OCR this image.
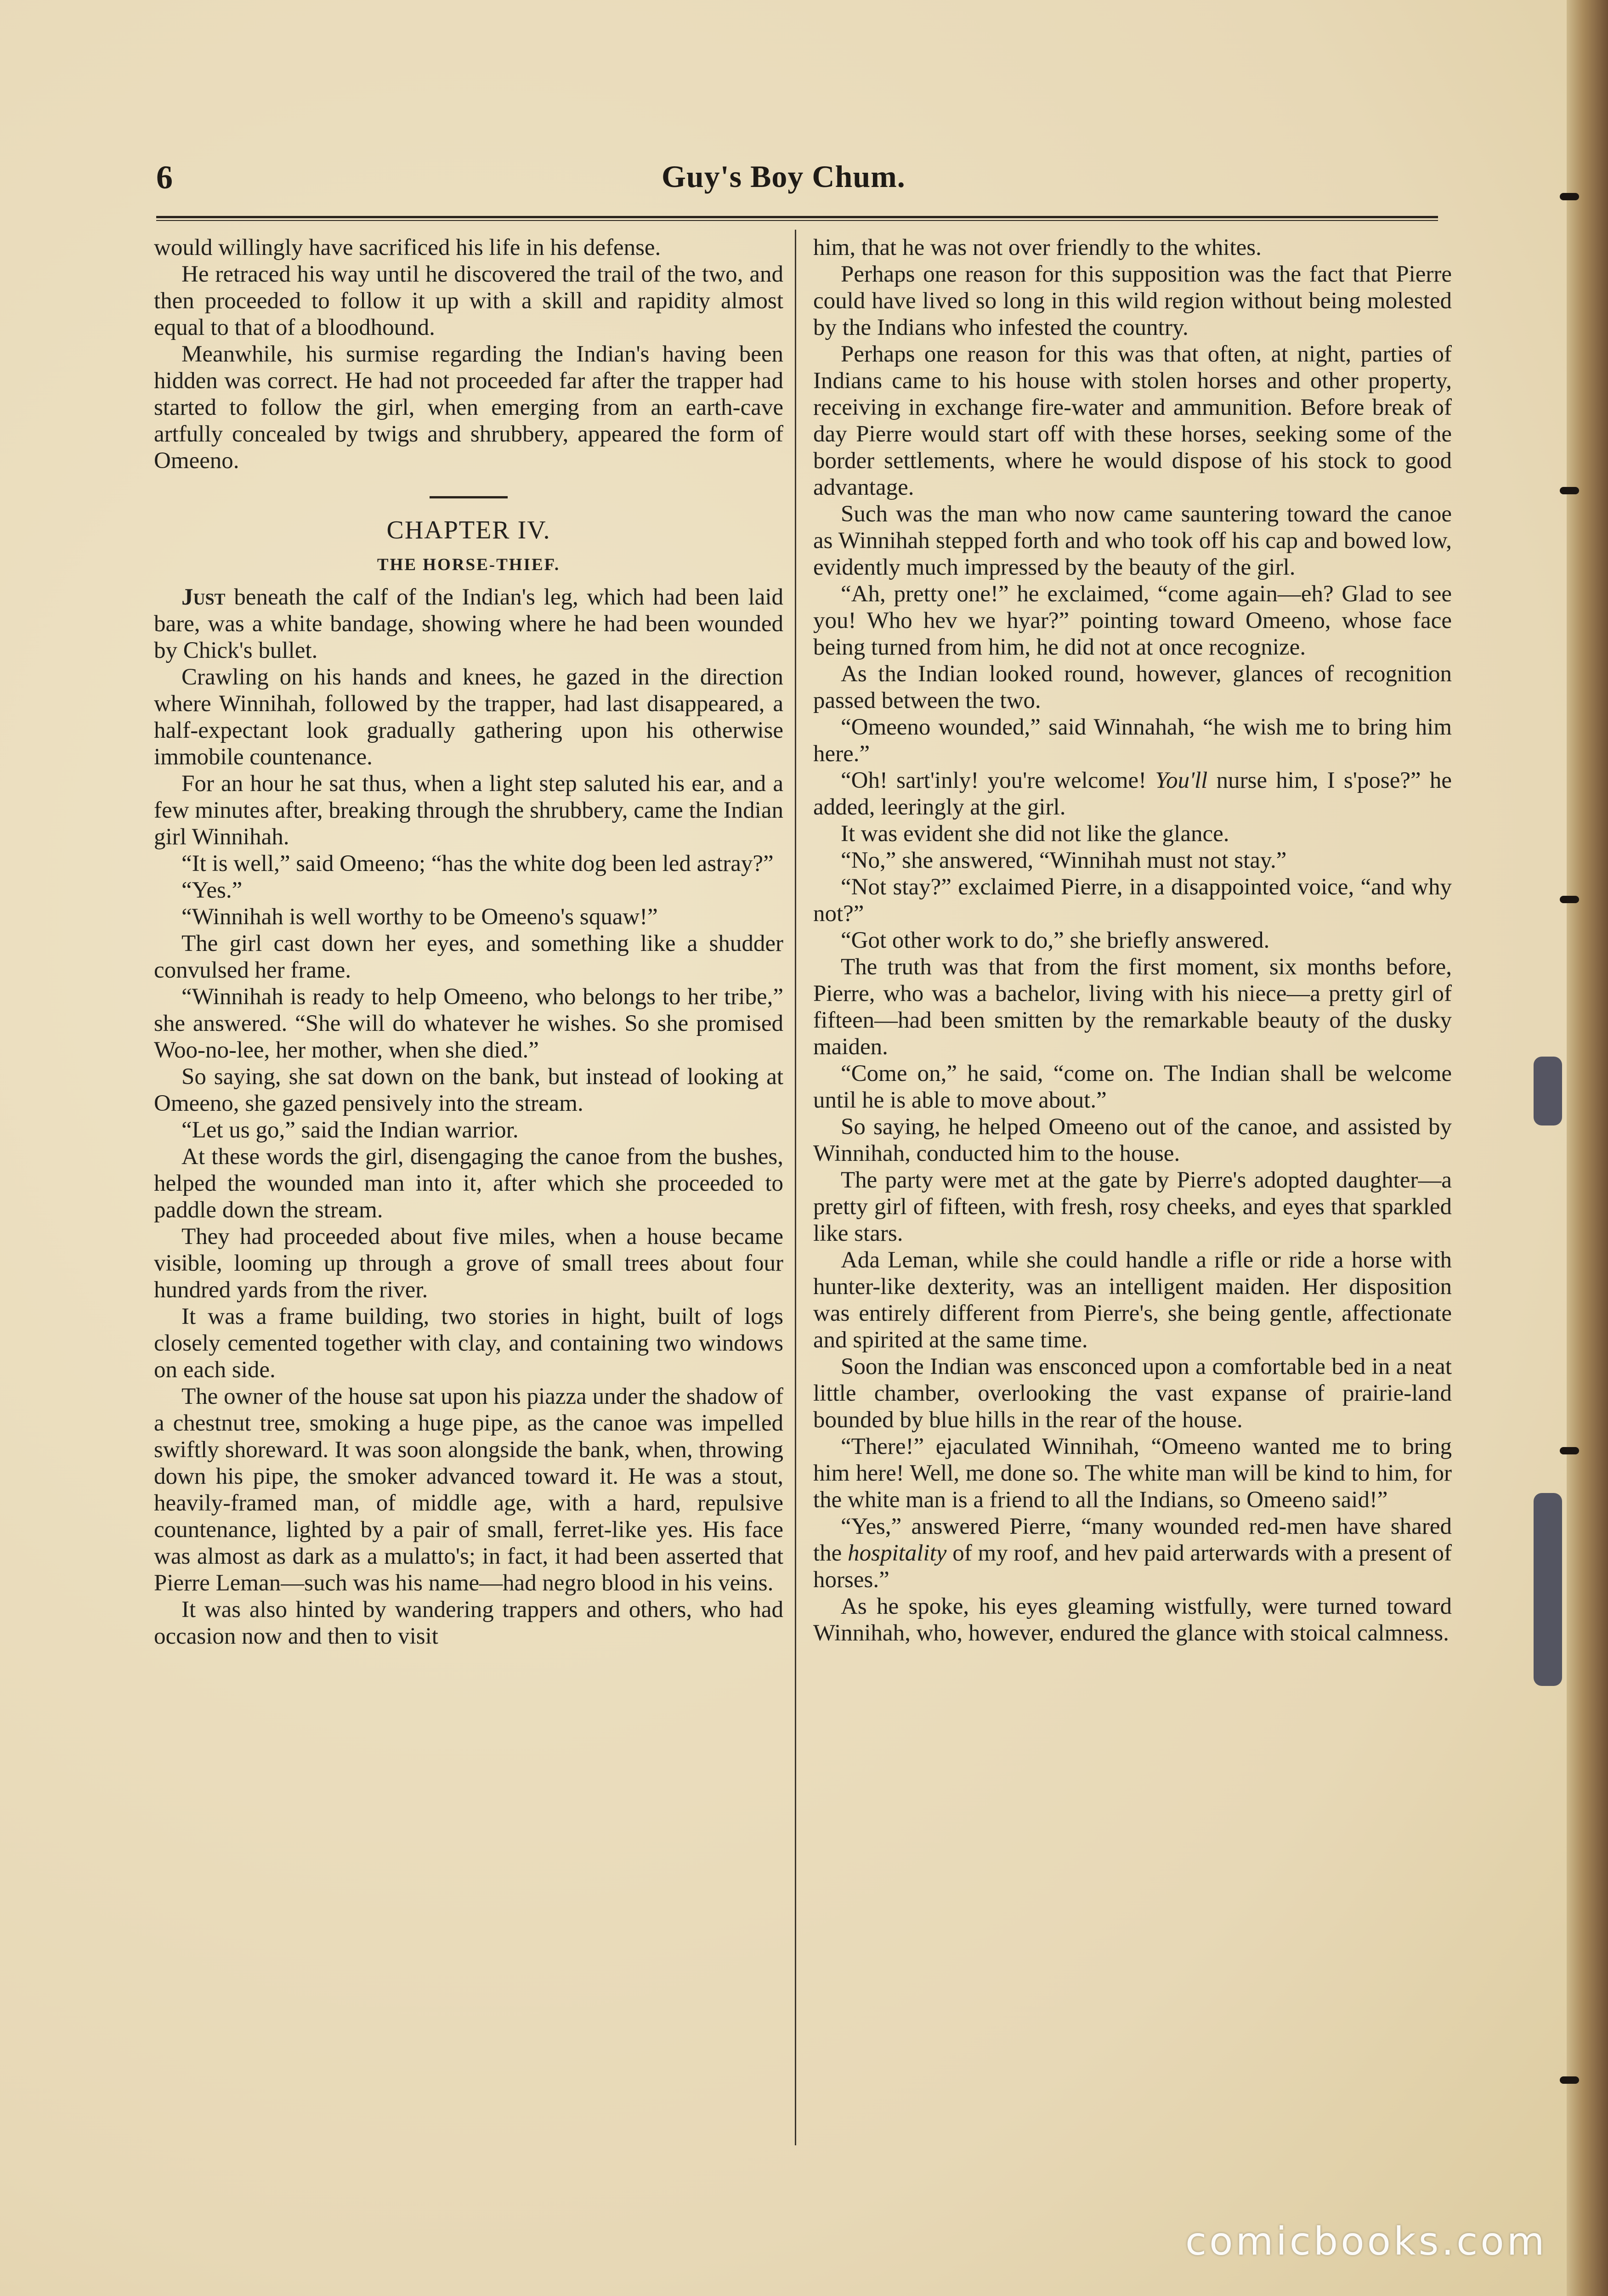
6	Guy's Boy Chum.

would willingly have sacrificed his life in his defense.

He retraced his way until he discovered the trail of the two, and then proceeded to follow it up with a skill and rapidity almost equal to that of a bloodhound.

Meanwhile, his surmise regarding the Indian's having been hidden was correct. He had not proceeded far after the trapper had started to follow the girl, when emerging from an earth-cave artfully concealed by twigs and shrubbery, appeared the form of Omeeno.

CHAPTER IV.
THE HORSE-THIEF.

Just beneath the calf of the Indian's leg, which had been laid bare, was a white bandage, showing where he had been wounded by Chick's bullet.

Crawling on his hands and knees, he gazed in the direction where Winnihah, followed by the trapper, had last disappeared, a half-expectant look gradually gathering upon his otherwise immobile countenance.

For an hour he sat thus, when a light step saluted his ear, and a few minutes after, breaking through the shrubbery, came the Indian girl Winnihah.

“It is well,” said Omeeno; “has the white dog been led astray?”

“Yes.”

“Winnihah is well worthy to be Omeeno's squaw!”

The girl cast down her eyes, and something like a shudder convulsed her frame.

“Winnihah is ready to help Omeeno, who belongs to her tribe,” she answered. “She will do whatever he wishes. So she promised Woo-no-lee, her mother, when she died.”

So saying, she sat down on the bank, but instead of looking at Omeeno, she gazed pensively into the stream.

“Let us go,” said the Indian warrior.

At these words the girl, disengaging the canoe from the bushes, helped the wounded man into it, after which she proceeded to paddle down the stream.

They had proceeded about five miles, when a house became visible, looming up through a grove of small trees about four hundred yards from the river.

It was a frame building, two stories in hight, built of logs closely cemented together with clay, and containing two windows on each side.

The owner of the house sat upon his piazza under the shadow of a chestnut tree, smoking a huge pipe, as the canoe was impelled swiftly shoreward. It was soon alongside the bank, when, throwing down his pipe, the smoker advanced toward it. He was a stout, heavily-framed man, of middle age, with a hard, repulsive countenance, lighted by a pair of small, ferret-like yes. His face was almost as dark as a mulatto's; in fact, it had been asserted that Pierre Leman—such was his name—had negro blood in his veins.

It was also hinted by wandering trappers and others, who had occasion now and then to visit

him, that he was not over friendly to the whites.

Perhaps one reason for this supposition was the fact that Pierre could have lived so long in this wild region without being molested by the Indians who infested the country.

Perhaps one reason for this was that often, at night, parties of Indians came to his house with stolen horses and other property, receiving in exchange fire-water and ammunition. Before break of day Pierre would start off with these horses, seeking some of the border settlements, where he would dispose of his stock to good advantage.

Such was the man who now came sauntering toward the canoe as Winnihah stepped forth and who took off his cap and bowed low, evidently much impressed by the beauty of the girl.

“Ah, pretty one!” he exclaimed, “come again—eh? Glad to see you! Who hev we hyar?” pointing toward Omeeno, whose face being turned from him, he did not at once recognize.

As the Indian looked round, however, glances of recognition passed between the two.

“Omeeno wounded,” said Winnahah, “he wish me to bring him here.”

“Oh! sart'inly! you're welcome! You'll nurse him, I s'pose?” he added, leeringly at the girl.

It was evident she did not like the glance.

“No,” she answered, “Winnihah must not stay.”

“Not stay?” exclaimed Pierre, in a disappointed voice, “and why not?”

“Got other work to do,” she briefly answered.

The truth was that from the first moment, six months before, Pierre, who was a bachelor, living with his niece—a pretty girl of fifteen—had been smitten by the remarkable beauty of the dusky maiden.

“Come on,” he said, “come on. The Indian shall be welcome until he is able to move about.”

So saying, he helped Omeeno out of the canoe, and assisted by Winnihah, conducted him to the house.

The party were met at the gate by Pierre's adopted daughter—a pretty girl of fifteen, with fresh, rosy cheeks, and eyes that sparkled like stars.

Ada Leman, while she could handle a rifle or ride a horse with hunter-like dexterity, was an intelligent maiden. Her disposition was entirely different from Pierre's, she being gentle, affectionate and spirited at the same time.

Soon the Indian was ensconced upon a comfortable bed in a neat little chamber, overlooking the vast expanse of prairie-land bounded by blue hills in the rear of the house.

“There!” ejaculated Winnihah, “Omeeno wanted me to bring him here! Well, me done so. The white man will be kind to him, for the white man is a friend to all the Indians, so Omeeno said!”

“Yes,” answered Pierre, “many wounded red-men have shared the hospitality of my roof, and hev paid arterwards with a present of horses.”

As he spoke, his eyes gleaming wistfully, were turned toward Winnihah, who, however, endured the glance with stoical calmness.

comicbooks.com
